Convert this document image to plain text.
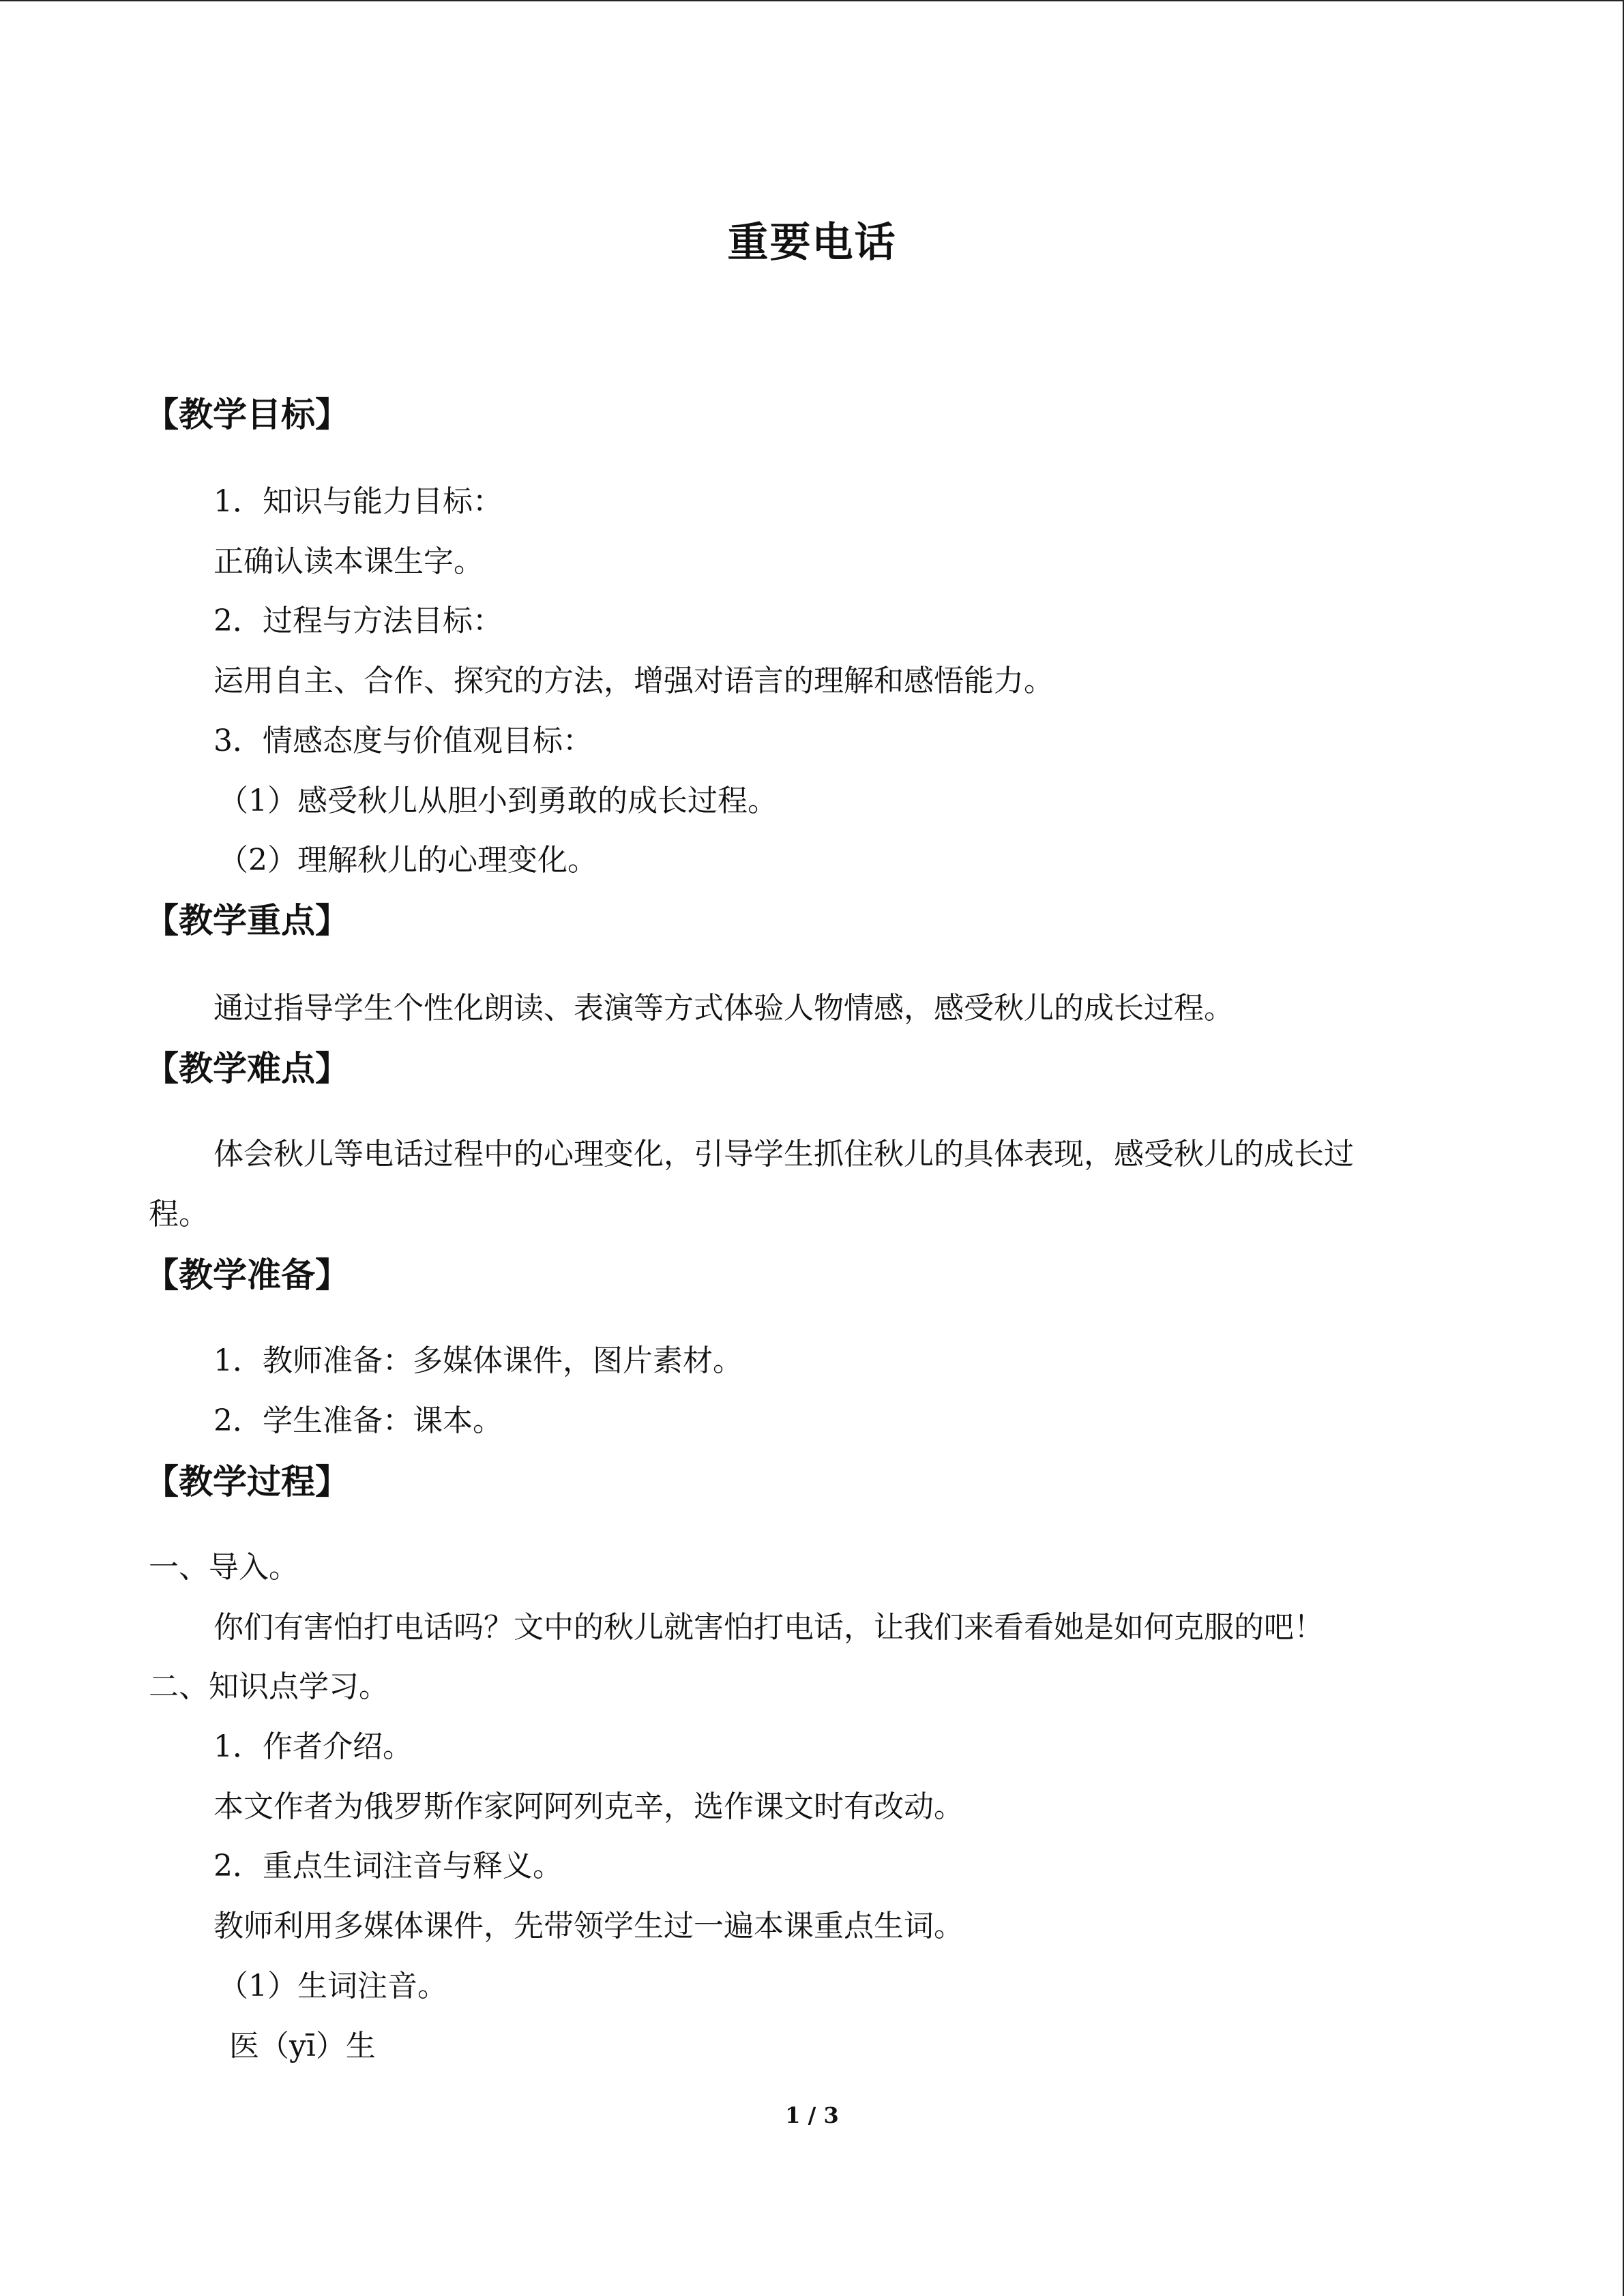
重要电话
【教学目标】
1．知识与能力目标：
正确认读本课生字。
2．过程与方法目标：
运用自主、合作、探究的方法，增强对语言的理解和感悟能力。
3．情感态度与价值观目标：
（1）感受秋儿从胆小到勇敢的成长过程。
（2）理解秋儿的心理变化。
【教学重点】
通过指导学生个性化朗读、表演等方式体验人物情感，感受秋儿的成长过程。
【教学难点】
体会秋儿等电话过程中的心理变化，引导学生抓住秋儿的具体表现，感受秋儿的成长过
程。
【教学准备】
1．教师准备：多媒体课件，图片素材。
2．学生准备：课本。
【教学过程】
一、导入。
你们有害怕打电话吗？文中的秋儿就害怕打电话，让我们来看看她是如何克服的吧！
二、知识点学习。
1．作者介绍。
本文作者为俄罗斯作家阿阿列克辛，选作课文时有改动。
2．重点生词注音与释义。
教师利用多媒体课件，先带领学生过一遍本课重点生词。
（1）生词注音。
医（yī）生
1 / 3
